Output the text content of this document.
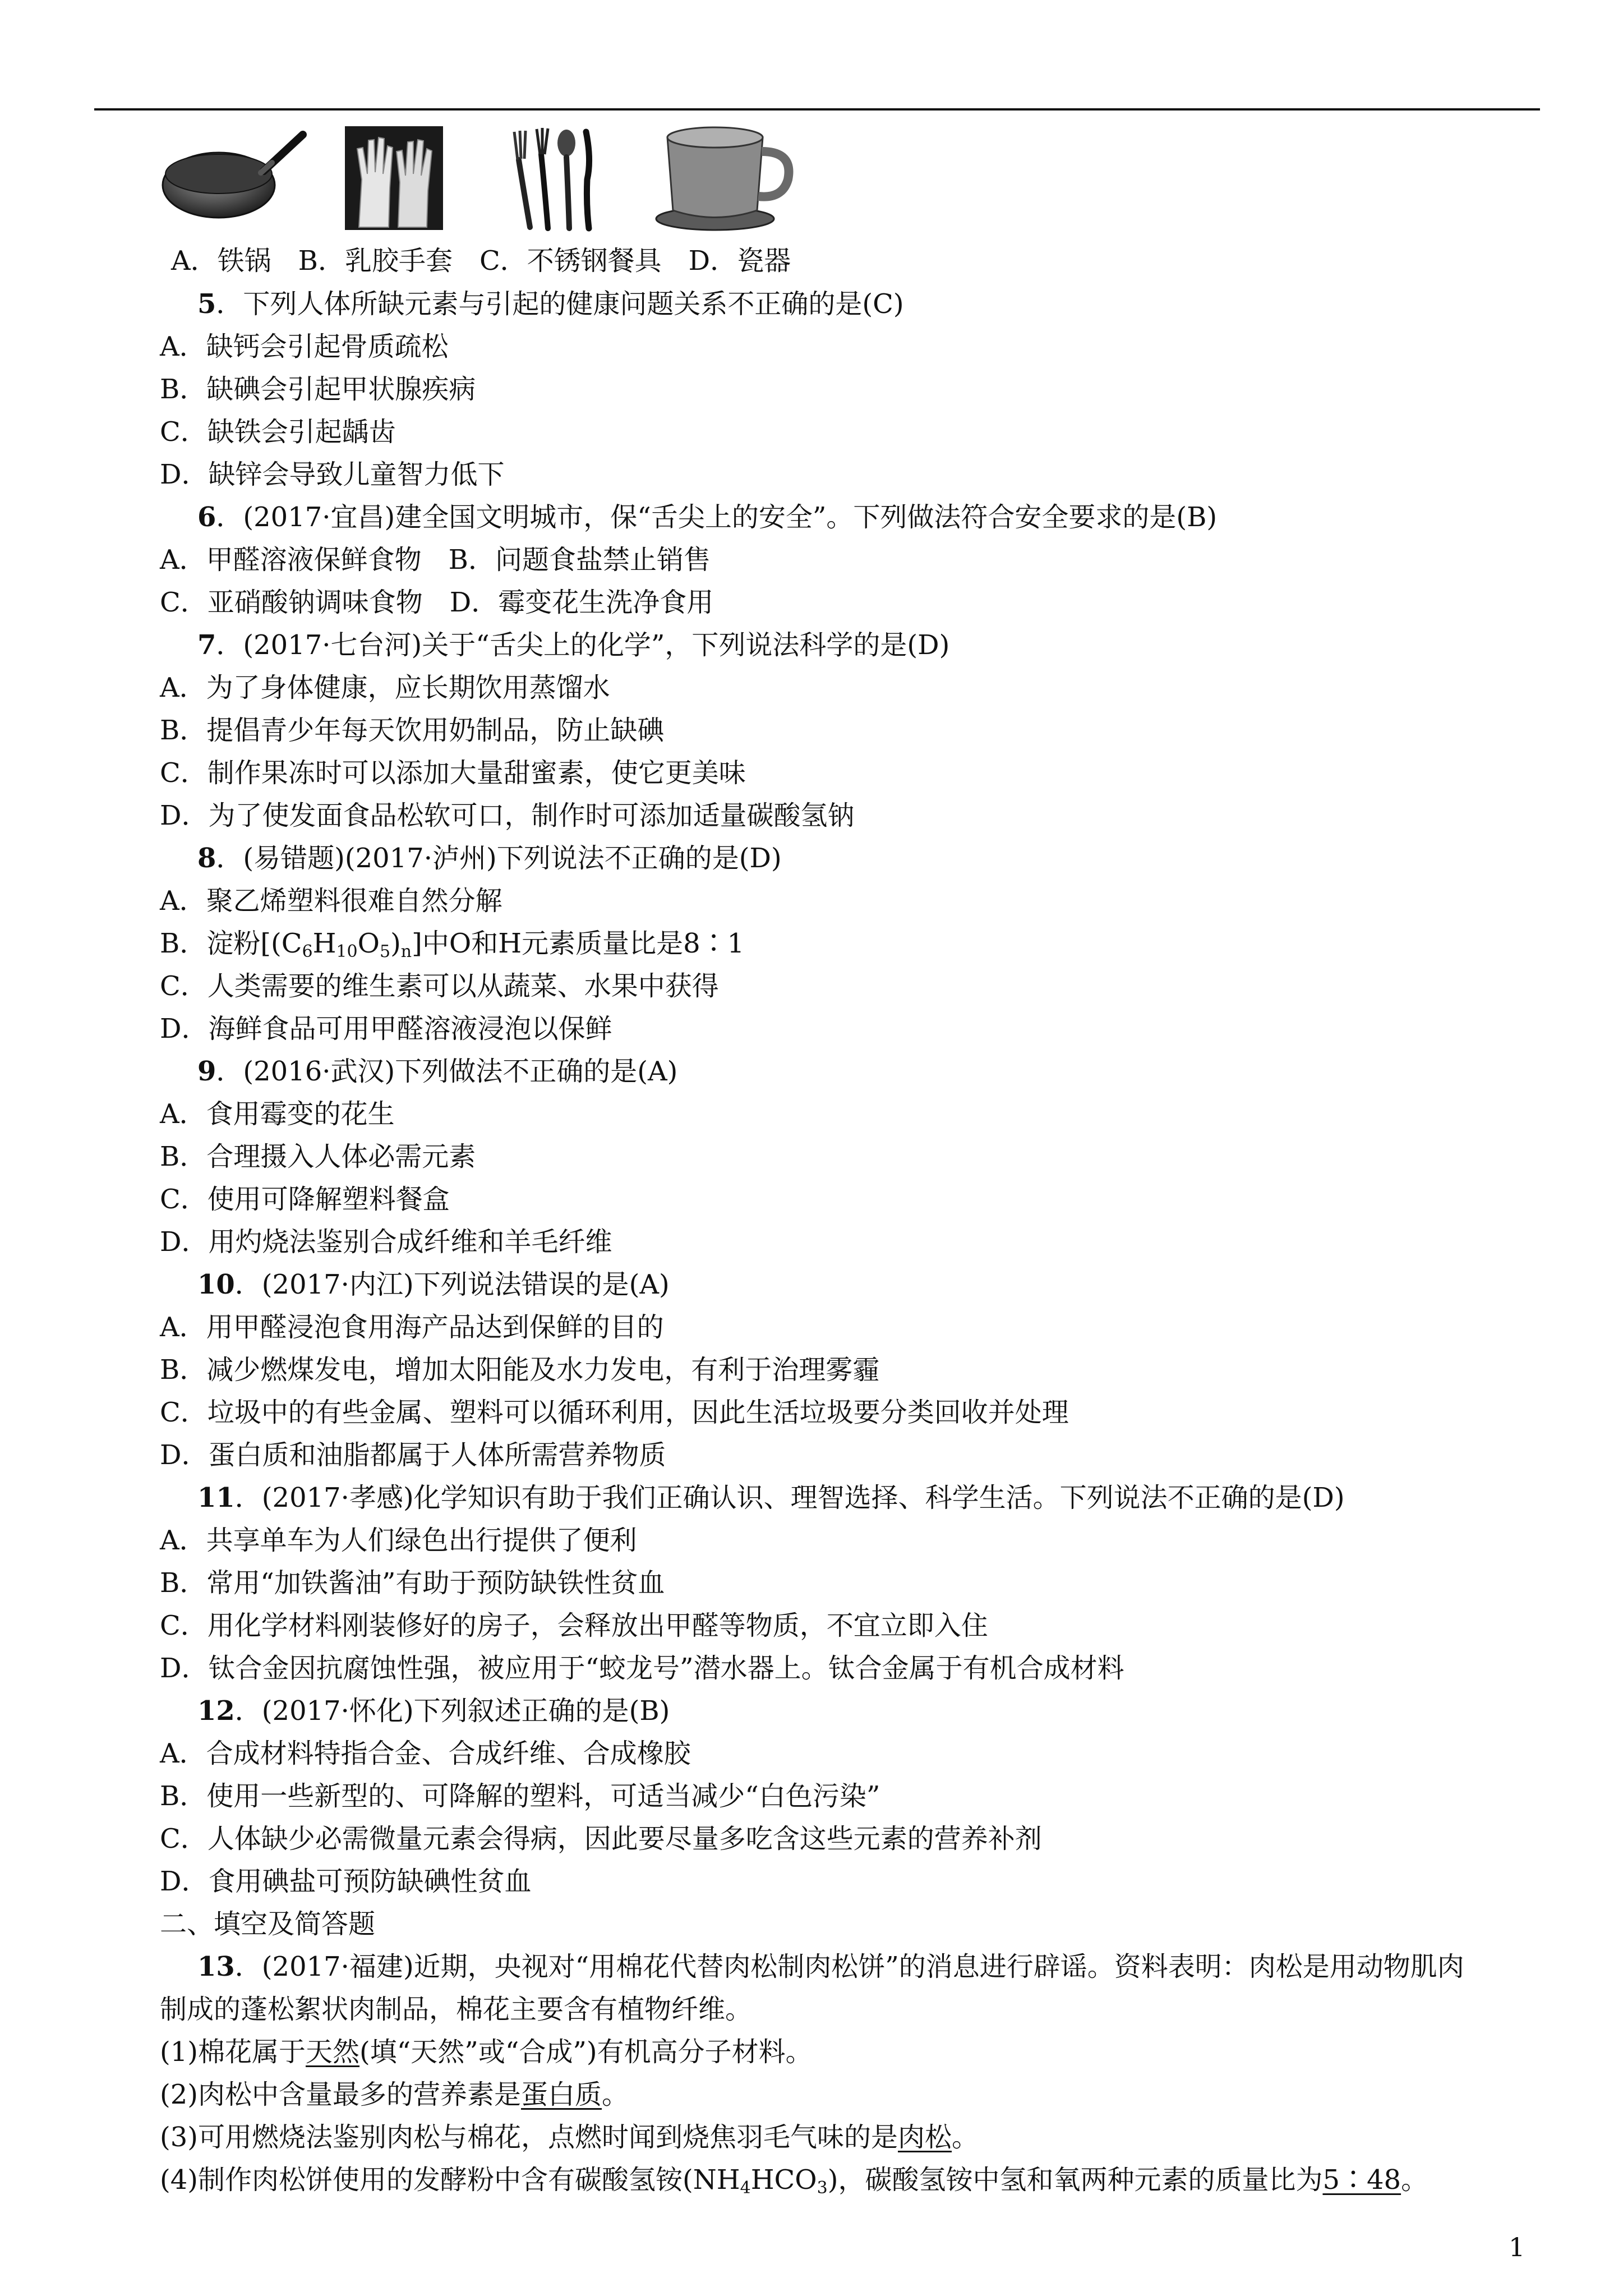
A．铁锅　B．乳胶手套　C．不锈钢餐具　D．瓷器
5．下列人体所缺元素与引起的健康问题关系不正确的是(C)
A．缺钙会引起骨质疏松
B．缺碘会引起甲状腺疾病
C．缺铁会引起龋齿
D．缺锌会导致儿童智力低下
6．(2017·宜昌)建全国文明城市，保“舌尖上的安全”。下列做法符合安全要求的是(B)
A．甲醛溶液保鲜食物　B．问题食盐禁止销售
C．亚硝酸钠调味食物　D．霉变花生洗净食用
7．(2017·七台河)关于“舌尖上的化学”，下列说法科学的是(D)
A．为了身体健康，应长期饮用蒸馏水
B．提倡青少年每天饮用奶制品，防止缺碘
C．制作果冻时可以添加大量甜蜜素，使它更美味
D．为了使发面食品松软可口，制作时可添加适量碳酸氢钠
8．(易错题)(2017·泸州)下列说法不正确的是(D)
A．聚乙烯塑料很难自然分解
B．淀粉$[(C_6H_{10}O_5)_n]$中O和H元素质量比是8∶1
C．人类需要的维生素可以从蔬菜、水果中获得
D．海鲜食品可用甲醛溶液浸泡以保鲜
9．(2016·武汉)下列做法不正确的是(A)
A．食用霉变的花生
B．合理摄入人体必需元素
C．使用可降解塑料餐盒
D．用灼烧法鉴别合成纤维和羊毛纤维
10．(2017·内江)下列说法错误的是(A)
A．用甲醛浸泡食用海产品达到保鲜的目的
B．减少燃煤发电，增加太阳能及水力发电，有利于治理雾霾
C．垃圾中的有些金属、塑料可以循环利用，因此生活垃圾要分类回收并处理
D．蛋白质和油脂都属于人体所需营养物质
11．(2017·孝感)化学知识有助于我们正确认识、理智选择、科学生活。下列说法不正确的是(D)
A．共享单车为人们绿色出行提供了便利
B．常用“加铁酱油”有助于预防缺铁性贫血
C．用化学材料刚装修好的房子，会释放出甲醛等物质，不宜立即入住
D．钛合金因抗腐蚀性强，被应用于“蛟龙号”潜水器上。钛合金属于有机合成材料
12．(2017·怀化)下列叙述正确的是(B)
A．合成材料特指合金、合成纤维、合成橡胶
B．使用一些新型的、可降解的塑料，可适当减少“白色污染”
C．人体缺少必需微量元素会得病，因此要尽量多吃含这些元素的营养补剂
D．食用碘盐可预防缺碘性贫血
二、填空及简答题
13．(2017·福建)近期，央视对“用棉花代替肉松制肉松饼”的消息进行辟谣。资料表明：肉松是用动物肌肉
制成的蓬松絮状肉制品，棉花主要含有植物纤维。
(1)棉花属于天然(填“天然”或“合成”)有机高分子材料。
(2)肉松中含量最多的营养素是蛋白质。
(3)可用燃烧法鉴别肉松与棉花，点燃时闻到烧焦羽毛气味的是肉松。
(4)制作肉松饼使用的发酵粉中含有碳酸氢铵$(NH_4HCO_3)$，碳酸氢铵中氢和氧两种元素的质量比为5∶48。
1
